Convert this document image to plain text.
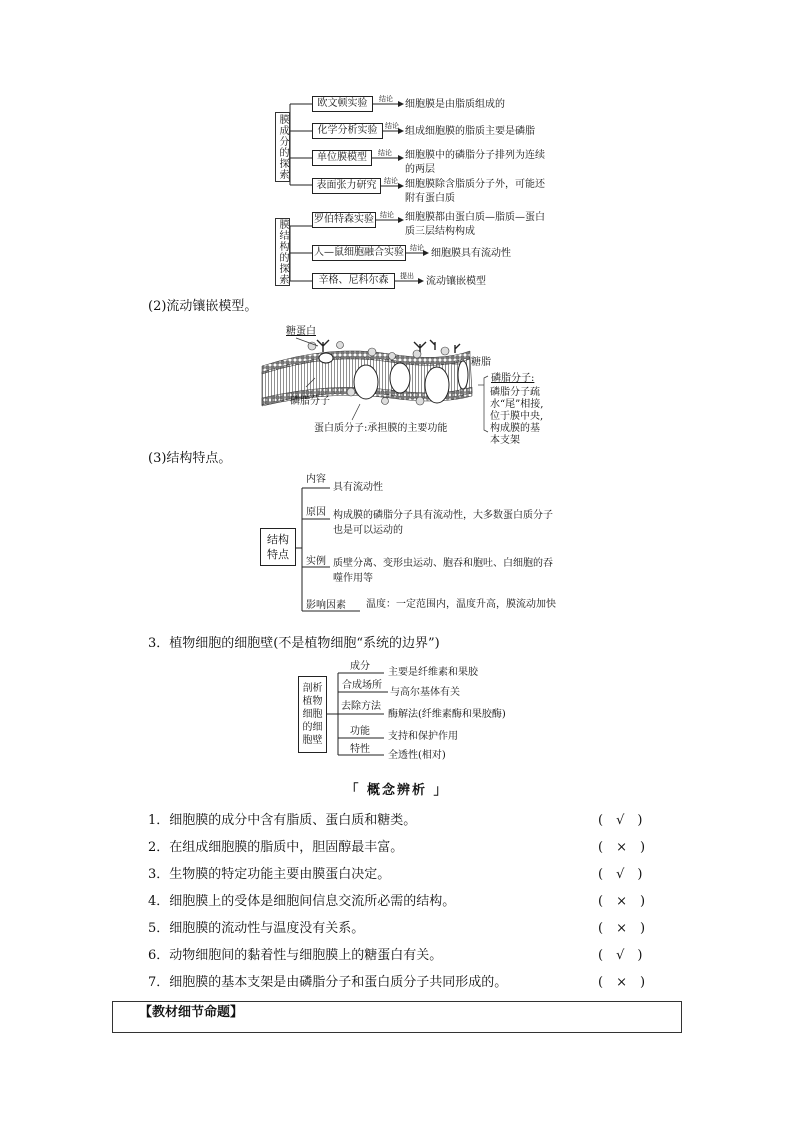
膜成分的探索
膜结构的探索
欧文顿实验	结论 细胞膜是由脂质组成的
化学分析实验	结论 组成细胞膜的脂质主要是磷脂
单位膜模型	结论 细胞膜中的磷脂分子排列为连续的两层
表面张力研究	结论 细胞膜除含脂质分子外，可能还附有蛋白质
罗伯特森实验 结论 细胞膜都由蛋白质—脂质—蛋白质三层结构构成
人—鼠细胞融合实验 结论 细胞膜具有流动性
辛格、尼科尔森	提出 流动镶嵌模型
(2)流动镶嵌模型。
糖蛋白
磷脂分子
糖脂
磷脂分子:
磷脂分子疏水“尾”相接,位于膜中央,构成膜的基本支架
蛋白质分子:承担膜的主要功能
(3)结构特点。
结构特点
内容
具有流动性
原因 构成膜的磷脂分子具有流动性，大多数蛋白质分子也是可以运动的
实例 质壁分离、变形虫运动、胞吞和胞吐、白细胞的吞噬作用等
影响因素 温度：一定范围内，温度升高，膜流动加快
3．植物细胞的细胞壁(不是植物细胞“系统的边界”)
剖析植物细胞的细胞壁
成分
主要是纤维素和果胶
合成场所
与高尔基体有关
去除方法
酶解法(纤维素酶和果胶酶)
功能 支持和保护作用
特性
全透性(相对)
「 概念辨析 」
1．细胞膜的成分中含有脂质、蛋白质和糖类。	(　√　)
2．在组成细胞膜的脂质中，胆固醇最丰富。	(　×　)
3．生物膜的特定功能主要由膜蛋白决定。	(　√　)
4．细胞膜上的受体是细胞间信息交流所必需的结构。	(　×　)
5．细胞膜的流动性与温度没有关系。	(　×　)
6．动物细胞间的黏着性与细胞膜上的糖蛋白有关。	(　√　)
7．细胞膜的基本支架是由磷脂分子和蛋白质分子共同形成的。	(　×　)
【教材细节命题】
